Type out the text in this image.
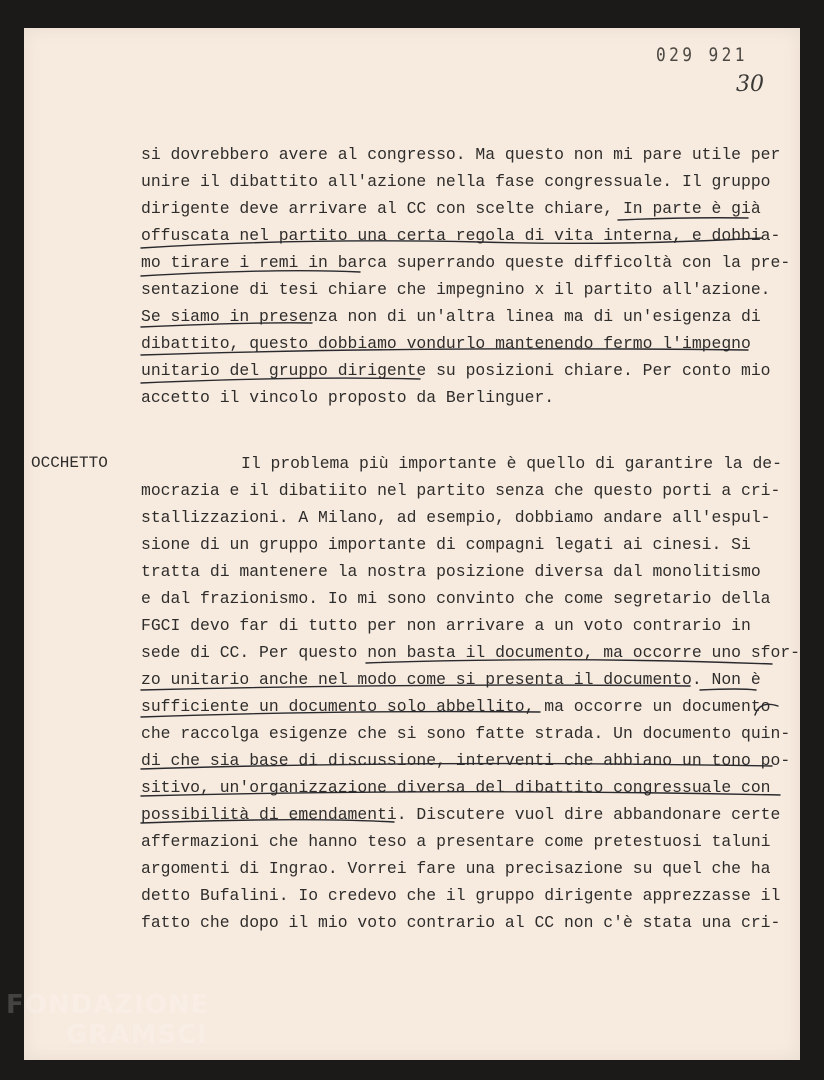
029 921
30

si dovrebbero avere al congresso. Ma questo non mi pare utile per

unire il dibattito all'azione nella fase congressuale. Il gruppo

dirigente deve arrivare al CC con scelte chiare, In parte è già

offuscata nel partito una certa regola di vita interna, e dobbia-

mo tirare i remi in barca superrando queste difficoltà con la pre-

sentazione di tesi chiare che impegnino x il partito all'azione.

Se siamo in presenza non di un'altra linea ma di un'esigenza di

dibattito, questo dobbiamo vondurlo mantenendo fermo l'impegno

unitario del gruppo dirigente su posizioni chiare. Per conto mio

accetto il vincolo proposto da Berlinguer.

OCCHETTO	Il problema più importante è quello di garantire la de-

mocrazia e il dibatiito nel partito senza che questo porti a cri-

stallizzazioni. A Milano, ad esempio, dobbiamo andare all'espul-

sione di un gruppo importante di compagni legati ai cinesi. Si

tratta di mantenere la nostra posizione diversa dal monolitismo

e dal frazionismo. Io mi sono convinto che come segretario della

FGCI devo far di tutto per non arrivare a un voto contrario in

sede di CC. Per questo non basta il documento, ma occorre uno sfor-

zo unitario anche nel modo come si presenta il documento. Non è

sufficiente un documento solo abbellito, ma occorre un documento

che raccolga esigenze che si sono fatte strada. Un documento quin-

di che sia base di discussione, interventi che abbiano un tono po-

sitivo, un'organizzazione diversa del dibattito congressuale con

possibilità di emendamenti. Discutere vuol dire abbandonare certe

affermazioni che hanno teso a presentare come pretestuosi taluni

argomenti di Ingrao. Vorrei fare una precisazione su quel che ha

detto Bufalini. Io credevo che il gruppo dirigente apprezzasse il

fatto che dopo il mio voto contrario al CC non c'è stata una cri-

FONDAZIONE
GRAMSCI
